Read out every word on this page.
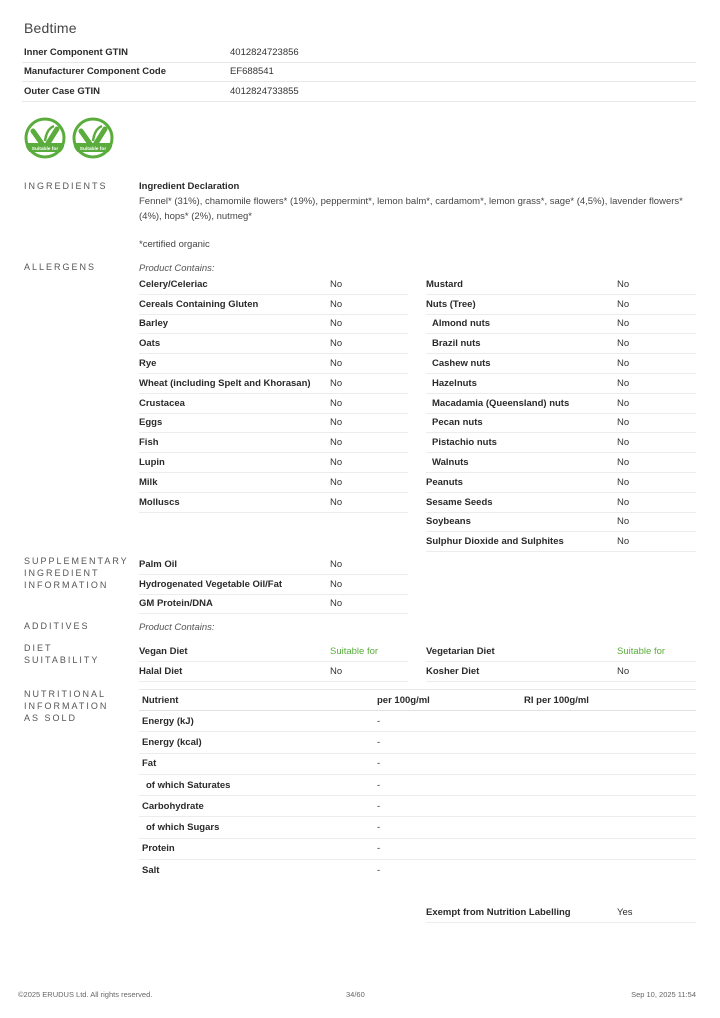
Bedtime
Inner Component GTIN	4012824723856
Manufacturer Component Code	EF688541
Outer Case GTIN	4012824733855
Suitable for	Suitable for
INGREDIENTS
ALLERGENS
SUPPLEMENTARY INGREDIENT INFORMATION
ADDITIVES
DIET SUITABILITY
NUTRITIONAL INFORMATION AS SOLD
Ingredient Declaration
Fennel* (31%), chamomile flowers* (19%), peppermint*, lemon balm*, cardamom*, lemon grass*, sage* (4,5%), lavender flowers* (4%), hops* (2%), nutmeg*
*certified organic
Product Contains:
Celery/Celeriac	No
Cereals Containing Gluten	No
Barley	No
Oats	No
Rye	No
Wheat (including Spelt and Khorasan)	No
Crustacea	No
Eggs	No
Fish	No
Lupin	No
Milk	No
Molluscs	No
Mustard	No
Nuts (Tree)	No
Almond nuts	No
Brazil nuts	No
Cashew nuts	No
Hazelnuts	No
Macadamia (Queensland) nuts	No
Pecan nuts	No
Pistachio nuts	No
Walnuts	No
Peanuts	No
Sesame Seeds	No
Soybeans	No
Sulphur Dioxide and Sulphites	No
Palm Oil	No
Hydrogenated Vegetable Oil/Fat	No
GM Protein/DNA	No
Product Contains:
Vegan Diet	Suitable for
Halal Diet	No
Vegetarian Diet	Suitable for
Kosher Diet	No
Nutrient	per 100g/ml	RI per 100g/ml
Energy (kJ)	-
Energy (kcal)	-
Fat	-
of which Saturates	-
Carbohydrate	-
of which Sugars	-
Protein	-
Salt	-
Exempt from Nutrition Labelling	Yes
©2025 ERUDUS Ltd. All rights reserved.	34/60	Sep 10, 2025 11:54
